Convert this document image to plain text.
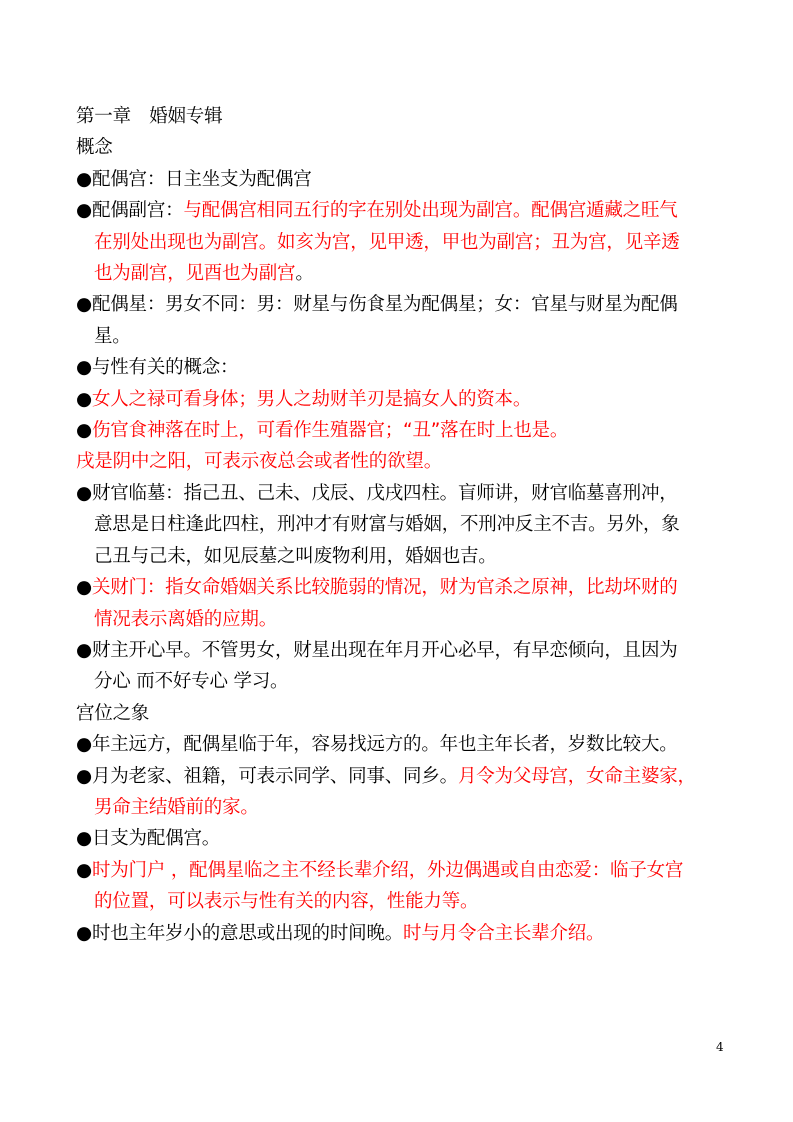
第一章　婚姻专辑
概念
●配偶宫：日主坐支为配偶宫
●配偶副宫：与配偶宫相同五行的字在别处出现为副宫。配偶宫遁藏之旺气
在别处出现也为副宫。如亥为宫，见甲透，甲也为副宫；丑为宫，见辛透
也为副宫，见酉也为副宫。
●配偶星：男女不同：男：财星与伤食星为配偶星；女：官星与财星为配偶
星。
●与性有关的概念：
●女人之禄可看身体；男人之劫财羊刃是搞女人的资本。
●伤官食神落在时上，可看作生殖器官；“丑”落在时上也是。
戌是阴中之阳，可表示夜总会或者性的欲望。
●财官临墓：指己丑、己未、戊辰、戊戌四柱。盲师讲，财官临墓喜刑冲，
意思是日柱逢此四柱，刑冲才有财富与婚姻，不刑冲反主不吉。另外，象
己丑与己未，如见辰墓之叫废物利用，婚姻也吉。
●关财门：指女命婚姻关系比较脆弱的情况，财为官杀之原神，比劫坏财的
情况表示离婚的应期。
●财主开心早。不管男女，财星出现在年月开心必早，有早恋倾向，且因为
分心 而不好专心 学习。
宫位之象
●年主远方，配偶星临于年，容易找远方的。年也主年长者，岁数比较大。
●月为老家、祖籍，可表示同学、同事、同乡。月令为父母宫，女命主婆家，
男命主结婚前的家。
●日支为配偶宫。
●时为门户 ，配偶星临之主不经长辈介绍，外边偶遇或自由恋爱：临子女宫
的位置，可以表示与性有关的内容，性能力等。
●时也主年岁小的意思或出现的时间晚。时与月令合主长辈介绍。
4
